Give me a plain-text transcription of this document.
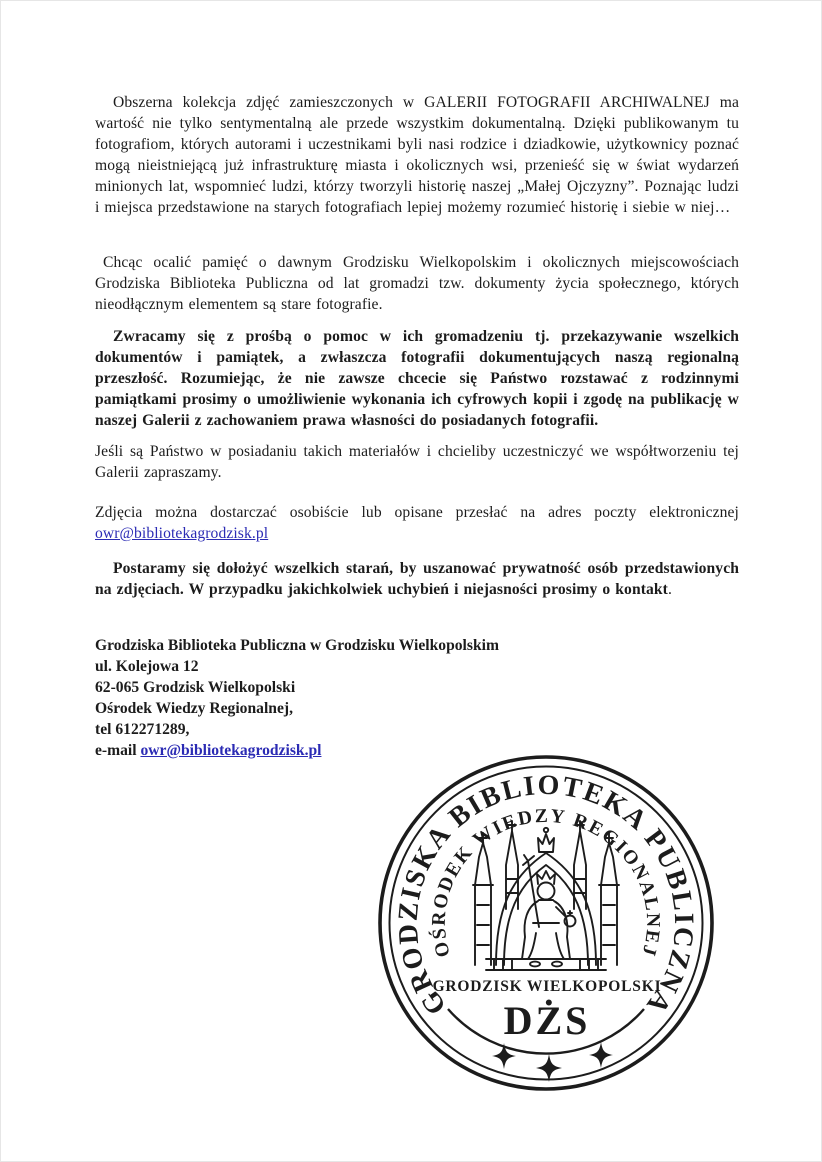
Obszerna kolekcja zdjęć zamieszczonych w GALERII FOTOGRAFII ARCHIWALNEJ ma wartość nie tylko sentymentalną ale przede wszystkim dokumentalną. Dzięki publikowanym tu fotografiom, których autorami i uczestnikami byli nasi rodzice i dziadkowie, użytkownicy poznać mogą nieistniejącą już infrastrukturę miasta i okolicznych wsi, przenieść się w świat wydarzeń minionych lat, wspomnieć ludzi, którzy tworzyli historię naszej „Małej Ojczyzny”. Poznając ludzi i miejsca przedstawione na starych fotografiach lepiej możemy rozumieć historię i siebie w niej…

Chcąc ocalić pamięć o dawnym Grodzisku Wielkopolskim i okolicznych miejscowościach Grodziska Biblioteka Publiczna od lat gromadzi tzw. dokumenty życia społecznego, których nieodłącznym elementem są stare fotografie.

Zwracamy się z prośbą o pomoc w ich gromadzeniu tj. przekazywanie wszelkich dokumentów i pamiątek, a zwłaszcza fotografii dokumentujących naszą regionalną przeszłość. Rozumiejąc, że nie zawsze chcecie się Państwo rozstawać z rodzinnymi pamiątkami prosimy o umożliwienie wykonania ich cyfrowych kopii i zgodę na publikację w naszej Galerii z zachowaniem prawa własności do posiadanych fotografii.

Jeśli są Państwo w posiadaniu takich materiałów i chcieliby uczestniczyć we współtworzeniu tej Galerii zapraszamy.

Zdjęcia można dostarczać osobiście lub opisane przesłać na adres poczty elektronicznej owr@bibliotekagrodzisk.pl

Postaramy się dołożyć wszelkich starań, by uszanować prywatność osób przedstawionych na zdjęciach. W przypadku jakichkolwiek uchybień i niejasności prosimy o kontakt.

Grodziska Biblioteka Publiczna w Grodzisku Wielkopolskim
ul. Kolejowa 12
62-065 Grodzisk Wielkopolski
Ośrodek Wiedzy Regionalnej,
tel 612271289,
e-mail owr@bibliotekagrodzisk.pl
GRODZISKA BIBLIOTEKA PUBLICZNA
OŚRODEK WIEDZY REGIONALNEJ
GRODZISK WIELKOPOLSKI
DŻS
